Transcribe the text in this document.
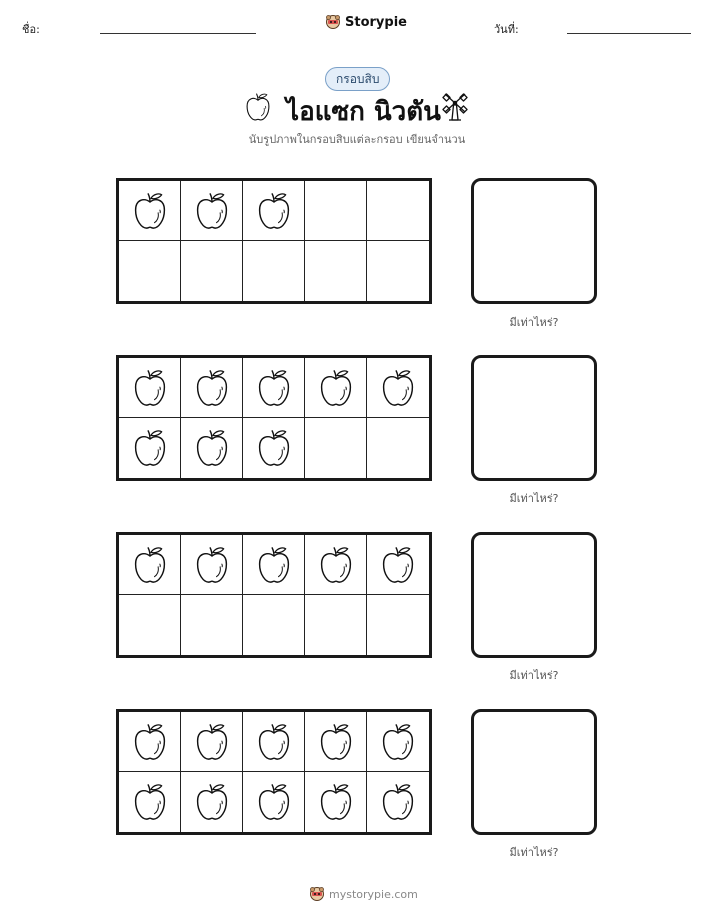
ชื่อ:	Storypie	วันที่:
กรอบสิบ
ไอแซก นิวตัน
นับรูปภาพในกรอบสิบแต่ละกรอบ เขียนจำนวน
มีเท่าไหร่?
มีเท่าไหร่?
มีเท่าไหร่?
มีเท่าไหร่?
mystorypie.com
